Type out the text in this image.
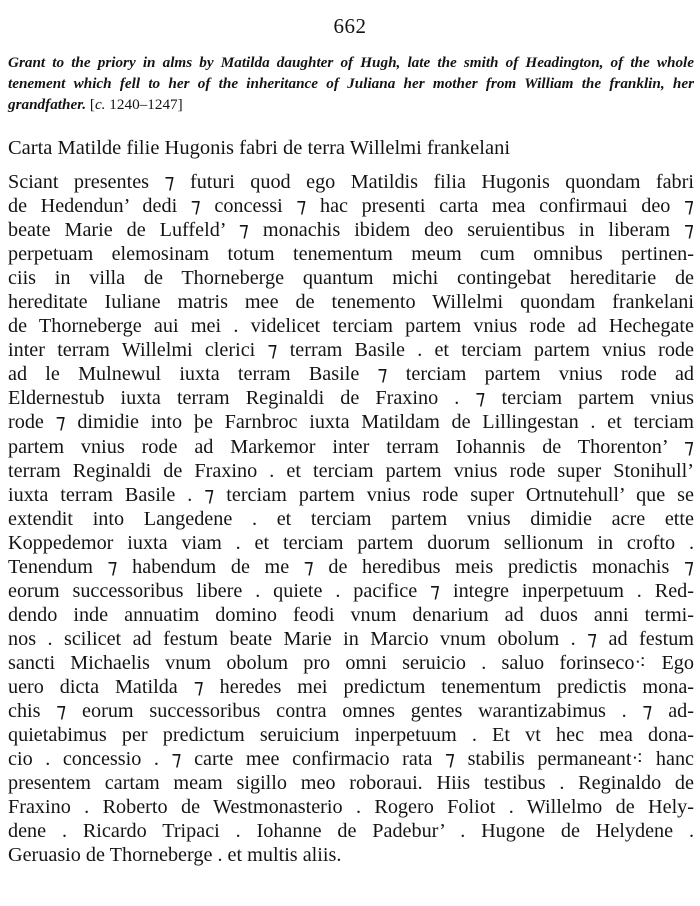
662

Grant to the priory in alms by Matilda daughter of Hugh, late the smith of Headington, of the whole tenement which fell to her of the inheritance of Juliana her mother from William the franklin, her grandfather. [c. 1240–1247]

Carta Matilde filie Hugonis fabri de terra Willelmi frankelani
Sciant presentes ⁊ futuri quod ego Matildis filia Hugonis quondam fabri
de Hedendun’ dedi ⁊ concessi ⁊ hac presenti carta mea confirmaui deo ⁊
beate Marie de Luffeld’ ⁊ monachis ibidem deo seruientibus in liberam ⁊
perpetuam elemosinam totum tenementum meum cum omnibus pertinen-
ciis in villa de Thorneberge quantum michi contingebat hereditarie de
hereditate Iuliane matris mee de tenemento Willelmi quondam frankelani
de Thorneberge aui mei . videlicet terciam partem vnius rode ad Hechegate
inter terram Willelmi clerici ⁊ terram Basile . et terciam partem vnius rode
ad le Mulnewul iuxta terram Basile ⁊ terciam partem vnius rode ad
Eldernestub iuxta terram Reginaldi de Fraxino . ⁊ terciam partem vnius
rode ⁊ dimidie into þe Farnbroc iuxta Matildam de Lillingestan . et terciam
partem vnius rode ad Markemor inter terram Iohannis de Thorenton’ ⁊
terram Reginaldi de Fraxino . et terciam partem vnius rode super Stonihull’
iuxta terram Basile . ⁊ terciam partem vnius rode super Ortnutehull’ que se
extendit into Langedene . et terciam partem vnius dimidie acre ette
Koppedemor iuxta viam . et terciam partem duorum sellionum in crofto .
Tenendum ⁊ habendum de me ⁊ de heredibus meis predictis monachis ⁊
eorum successoribus libere . quiete . pacifice ⁊ integre inperpetuum . Red-
dendo inde annuatim domino feodi vnum denarium ad duos anni termi-
nos . scilicet ad festum beate Marie in Marcio vnum obolum . ⁊ ad festum
sancti Michaelis vnum obolum pro omni seruicio . saluo forinseco⁖ Ego
uero dicta Matilda ⁊ heredes mei predictum tenementum predictis mona-
chis ⁊ eorum successoribus contra omnes gentes warantizabimus . ⁊ ad-
quietabimus per predictum seruicium inperpetuum . Et vt hec mea dona-
cio . concessio . ⁊ carte mee confirmacio rata ⁊ stabilis permaneant⁖ hanc
presentem cartam meam sigillo meo roboraui. Hiis testibus . Reginaldo de
Fraxino . Roberto de Westmonasterio . Rogero Foliot . Willelmo de Hely-
dene . Ricardo Tripaci . Iohanne de Padebur’ . Hugone de Helydene .
Geruasio de Thorneberge . et multis aliis.
